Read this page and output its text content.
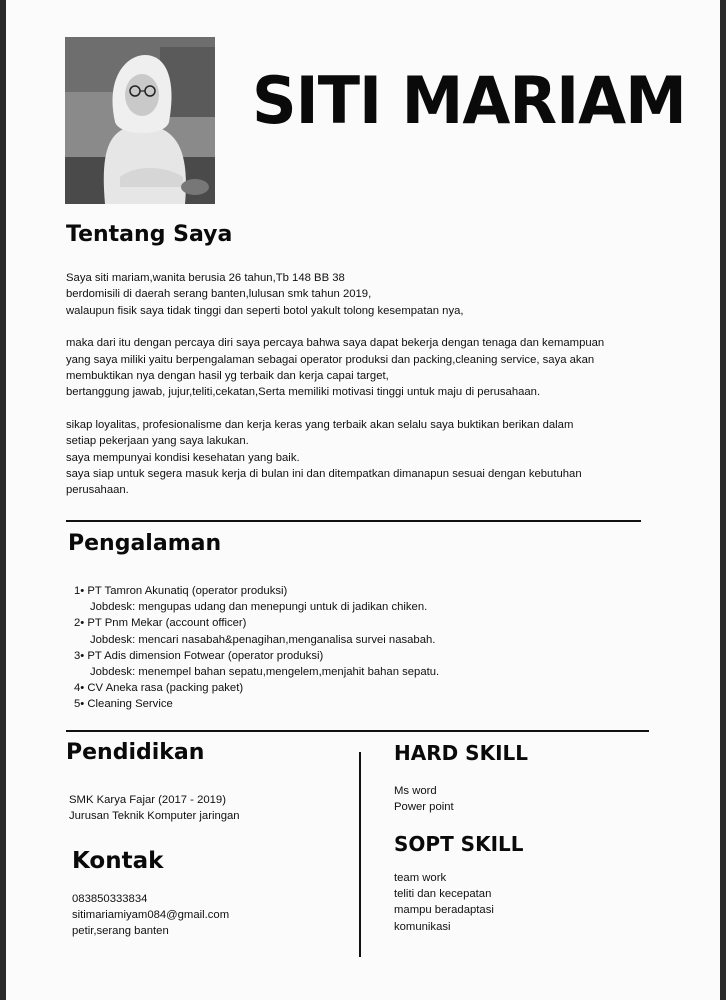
SITI MARIAM
Tentang Saya

Saya siti mariam,wanita berusia 26 tahun,Tb 148 BB 38

berdomisili di daerah serang banten,lulusan smk tahun 2019,

walaupun fisik saya tidak tinggi dan seperti botol yakult tolong kesempatan nya,

maka dari itu dengan percaya diri saya percaya bahwa saya dapat bekerja dengan tenaga dan kemampuan

yang saya miliki yaitu berpengalaman sebagai operator produksi dan packing,cleaning service, saya akan

membuktikan nya dengan hasil yg terbaik dan kerja capai target,

bertanggung jawab, jujur,teliti,cekatan,Serta memiliki motivasi tinggi untuk maju di perusahaan.

sikap loyalitas, profesionalisme dan kerja keras yang terbaik akan selalu saya buktikan berikan dalam

setiap pekerjaan yang saya lakukan.

saya mempunyai kondisi kesehatan yang baik.

saya siap untuk segera masuk kerja di bulan ini dan ditempatkan dimanapun sesuai dengan kebutuhan

perusahaan.

Pengalaman
1• PT Tamron Akunatiq (operator produksi)
Jobdesk: mengupas udang dan menepungi untuk di jadikan chiken.
2• PT Pnm Mekar (account officer)
Jobdesk: mencari nasabah&penagihan,menganalisa survei nasabah.
3• PT Adis dimension Fotwear (operator produksi)
Jobdesk: menempel bahan sepatu,mengelem,menjahit bahan sepatu.
4• CV Aneka rasa (packing paket)
5• Cleaning Service
Pendidikan
SMK Karya Fajar (2017 - 2019)
Jurusan Teknik Komputer jaringan
Kontak
083850333834
sitimariamiyam084@gmail.com
petir,serang banten
HARD SKILL
Ms word
Power point
SOPT SKILL
team work
teliti dan kecepatan
mampu beradaptasi
komunikasi
